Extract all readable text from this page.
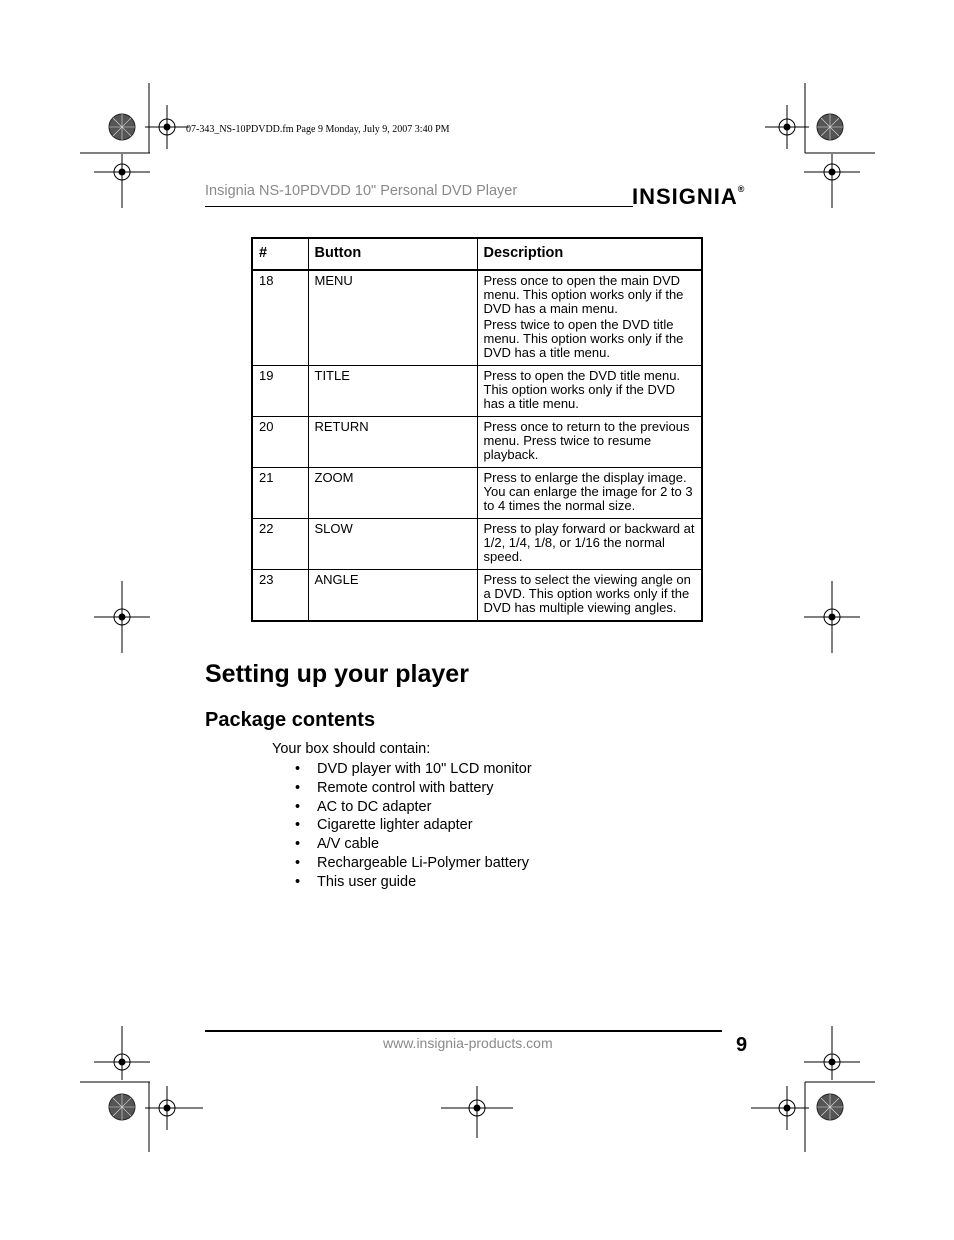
07-343_NS-10PDVDD.fm Page 9 Monday, July 9, 2007 3:40 PM
Insignia NS-10PDVDD 10" Personal DVD Player	INSIGNIA®
#	Button	Description
18	MENU	Press once to open the main DVD menu. This option works only if the DVD has a main menu.
Press twice to open the DVD title menu. This option works only if the DVD has a title menu.

19	TITLE	Press to open the DVD title menu. This option works only if the DVD has a title menu.
20	RETURN	Press once to return to the previous menu. Press twice to resume playback.
21	ZOOM	Press to enlarge the display image. You can enlarge the image for 2 to 3 to 4 times the normal size.
22	SLOW	Press to play forward or backward at 1/2, 1/4, 1/8, or 1/16 the normal speed.
23	ANGLE	Press to select the viewing angle on a DVD. This option works only if the DVD has multiple viewing angles.
Setting up your player
Package contents
Your box should contain:
• DVD player with 10" LCD monitor
• Remote control with battery
• AC to DC adapter
• Cigarette lighter adapter
• A/V cable
• Rechargeable Li-Polymer battery
• This user guide
www.insignia-products.com	9
